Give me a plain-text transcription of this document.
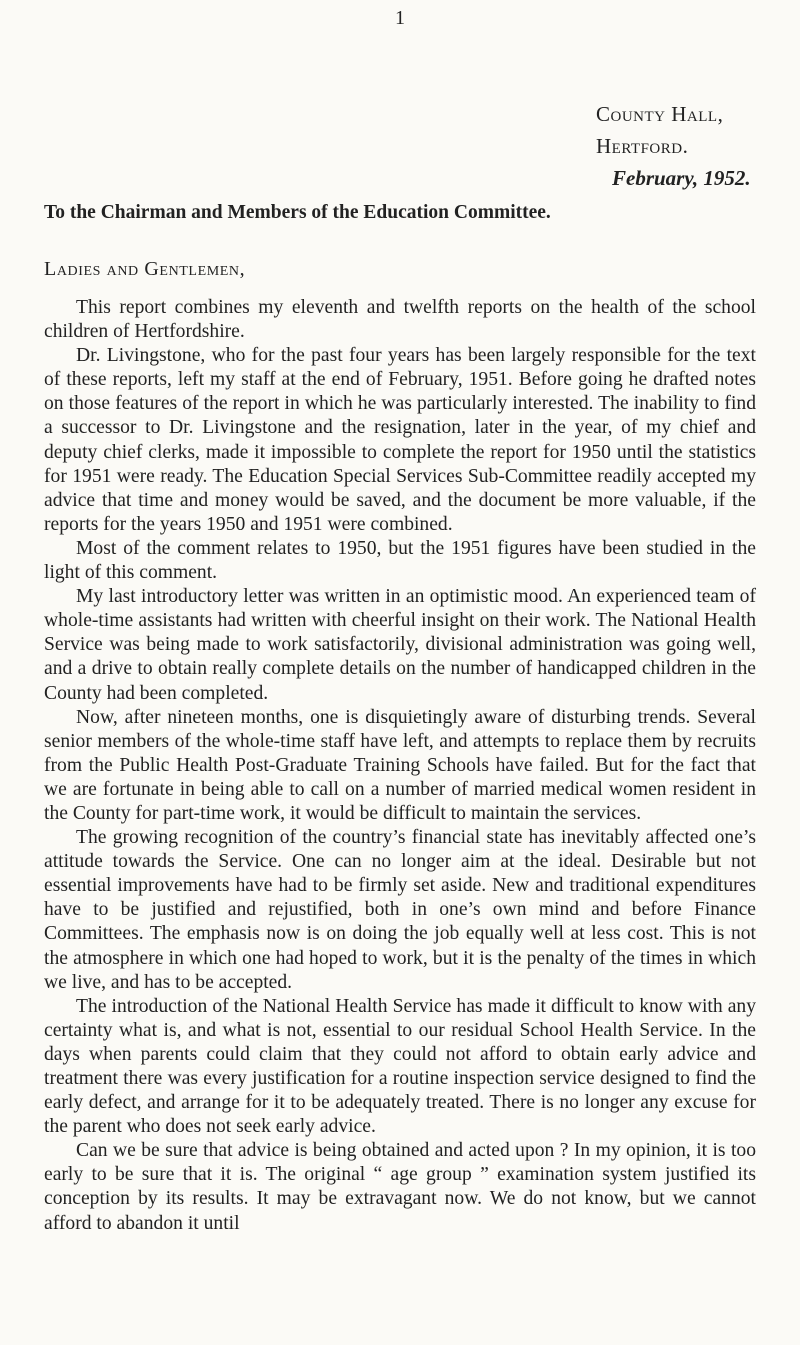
1
County Hall,
Hertford.
February, 1952.
To the Chairman and Members of the Education Committee.
Ladies and Gentlemen,

This report combines my eleventh and twelfth reports on the health of the school children of Hertfordshire.

Dr. Livingstone, who for the past four years has been largely responsible for the text of these reports, left my staff at the end of February, 1951. Before going he drafted notes on those features of the report in which he was particularly interested. The inability to find a successor to Dr. Livingstone and the resignation, later in the year, of my chief and deputy chief clerks, made it impossible to complete the report for 1950 until the statistics for 1951 were ready. The Education Special Services Sub-Committee readily accepted my advice that time and money would be saved, and the document be more valuable, if the reports for the years 1950 and 1951 were combined.

Most of the comment relates to 1950, but the 1951 figures have been studied in the light of this comment.

My last introductory letter was written in an optimistic mood. An experienced team of whole-time assistants had written with cheerful insight on their work. The National Health Service was being made to work satisfactorily, divisional administration was going well, and a drive to obtain really complete details on the number of handicapped children in the County had been completed.

Now, after nineteen months, one is disquietingly aware of disturbing trends. Several senior members of the whole-time staff have left, and attempts to replace them by recruits from the Public Health Post-Graduate Training Schools have failed. But for the fact that we are fortunate in being able to call on a number of married medical women resident in the County for part-time work, it would be difficult to maintain the services.

The growing recognition of the country’s financial state has inevitably affected one’s attitude towards the Service. One can no longer aim at the ideal. Desirable but not essential improvements have had to be firmly set aside. New and traditional expenditures have to be justified and rejustified, both in one’s own mind and before Finance Committees. The emphasis now is on doing the job equally well at less cost. This is not the atmosphere in which one had hoped to work, but it is the penalty of the times in which we live, and has to be accepted.

The introduction of the National Health Service has made it difficult to know with any certainty what is, and what is not, essential to our residual School Health Service. In the days when parents could claim that they could not afford to obtain early advice and treatment there was every justification for a routine inspection service designed to find the early defect, and arrange for it to be adequately treated. There is no longer any excuse for the parent who does not seek early advice.

Can we be sure that advice is being obtained and acted upon ? In my opinion, it is too early to be sure that it is. The original “ age group ” examination system justified its conception by its results. It may be extravagant now. We do not know, but we cannot afford to abandon it until
